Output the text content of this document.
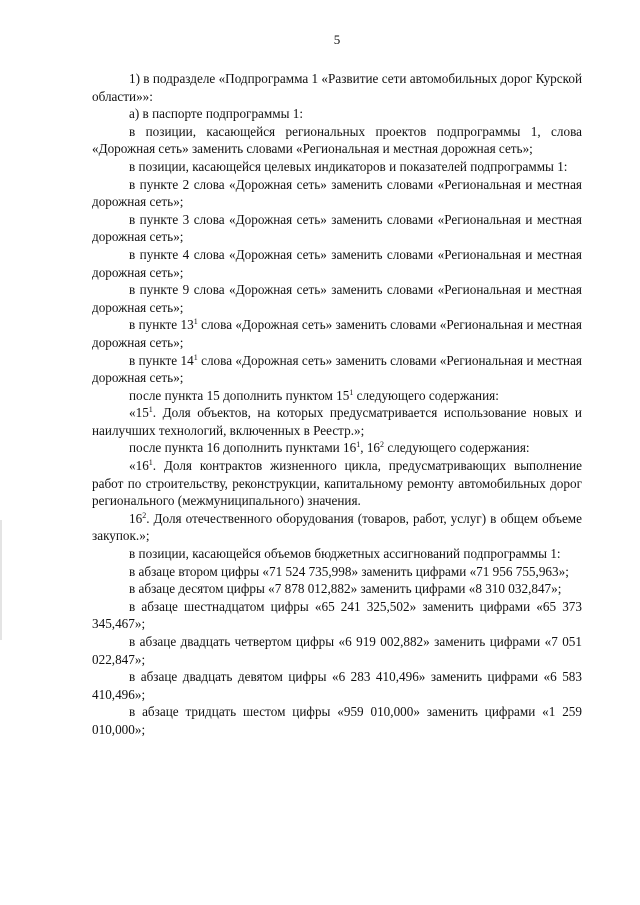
5

1) в подразделе «Подпрограмма 1 «Развитие сети автомобильных дорог Курской области»»:

а) в паспорте подпрограммы 1:

в позиции, касающейся региональных проектов подпрограммы 1, слова «Дорожная сеть» заменить словами «Региональная и местная дорожная сеть»;

в позиции, касающейся целевых индикаторов и показателей подпрограммы 1:

в пункте 2 слова «Дорожная сеть» заменить словами «Региональная и местная дорожная сеть»;

в пункте 3 слова «Дорожная сеть» заменить словами «Региональная и местная дорожная сеть»;

в пункте 4 слова «Дорожная сеть» заменить словами «Региональная и местная дорожная сеть»;

в пункте 9 слова «Дорожная сеть» заменить словами «Региональная и местная дорожная сеть»;

в пункте $13^1$ слова «Дорожная сеть» заменить словами «Региональная и местная дорожная сеть»;

в пункте $14^1$ слова «Дорожная сеть» заменить словами «Региональная и местная дорожная сеть»;

после пункта 15 дополнить пунктом $15^1$ следующего содержания:

«$15^1$. Доля объектов, на которых предусматривается использование новых и наилучших технологий, включенных в Реестр.»;

после пункта 16 дополнить пунктами $16^1$, $16^2$ следующего содержания:

«$16^1$. Доля контрактов жизненного цикла, предусматривающих выполнение работ по строительству, реконструкции, капитальному ремонту автомобильных дорог регионального (межмуниципального) значения.

$16^2$. Доля отечественного оборудования (товаров, работ, услуг) в общем объеме закупок.»;

в позиции, касающейся объемов бюджетных ассигнований подпрограммы 1:

в абзаце втором цифры «71 524 735,998» заменить цифрами «71 956 755,963»;

в абзаце десятом цифры «7 878 012,882» заменить цифрами «8 310 032,847»;

в абзаце шестнадцатом цифры «65 241 325,502» заменить цифрами «65 373 345,467»;

в абзаце двадцать четвертом цифры «6 919 002,882» заменить цифрами «7 051 022,847»;

в абзаце двадцать девятом цифры «6 283 410,496» заменить цифрами «6 583 410,496»;

в абзаце тридцать шестом цифры «959 010,000» заменить цифрами «1 259 010,000»;
